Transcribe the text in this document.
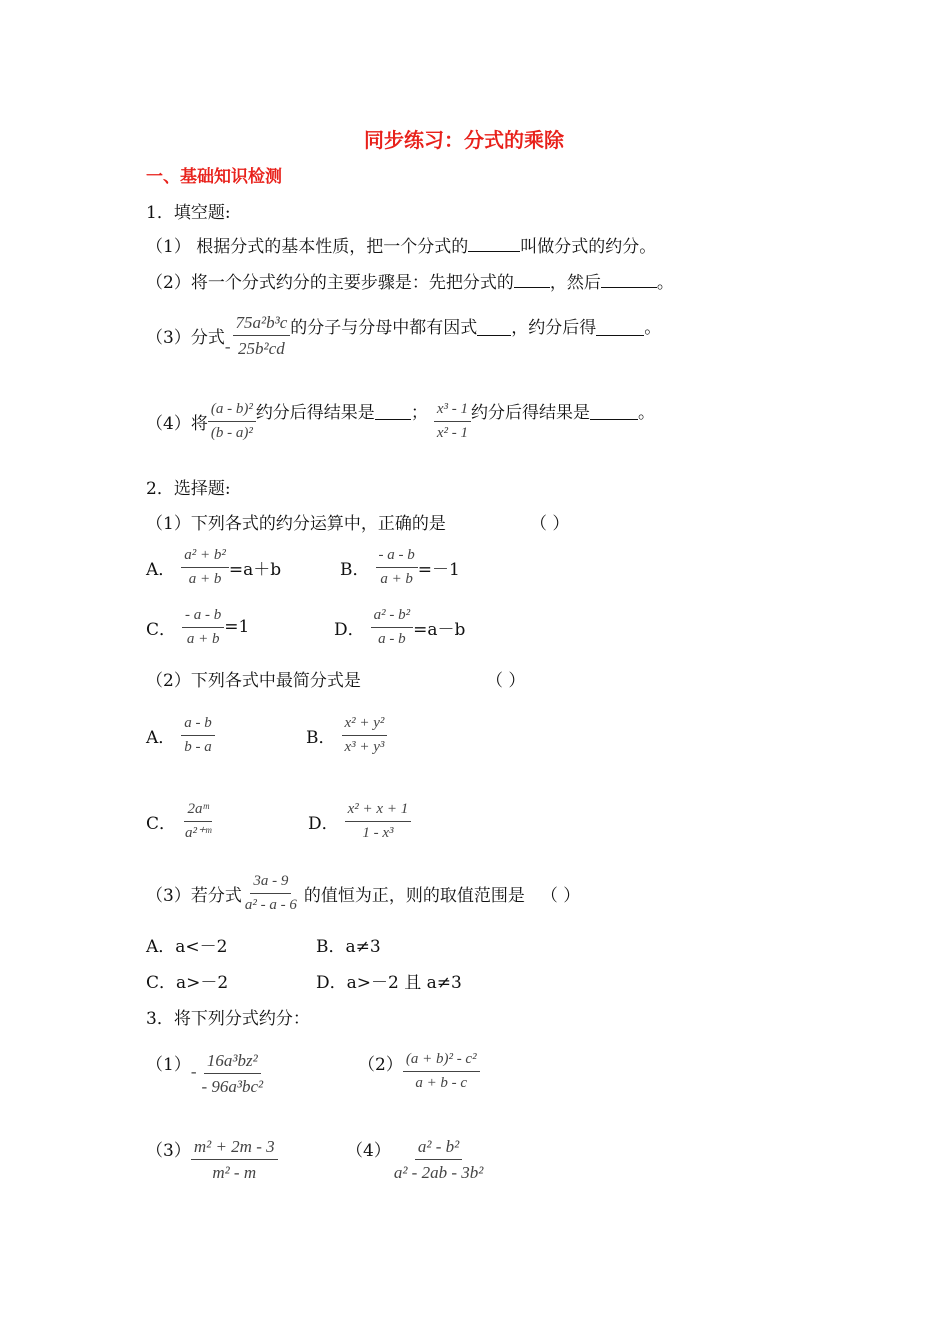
同步练习：分式的乘除
一、基础知识检测
1．填空题:
（1） 根据分式的基本性质，把一个分式的	叫做分式的约分。
（2）将一个分式约分的主要步骤是：先把分式的 ，然后	。
（3）分式 - $\frac{\text{75a²b³c}}{\text{25b²cd}}$ 的分子与分母中都有因式 ，约分后得	。
（4）将 $\frac{\text{(a - b)²}}{\text{(b - a)²}}$ 约分后得结果是 ； $\frac{\text{x³ - 1}}{\text{x² - 1}}$ 约分后得结果是	。
2．选择题:
（1）下列各式的约分运算中，正确的是	（ ）
A． $\frac{\text{a² + b²}}{a + b} =a+b$	B． $\frac{- a - b}{a + b} =-1$
C． $\frac{- a - b}{a + b} =1$	D． $\frac{\text{a² - b²}}{a - b} =a-b$
（2）下列各式中最简分式是	（ ）
A． $\frac{a - b}{b - a}$	B． $\frac{\text{x² + y²}}{\text{x³ + y³}}$
C． $\frac{\text{2aᵐ}}{\text{a²⁺ᵐ}}$	D． $\frac{\text{x² + x + 1}}{\text{1 - x³}}$
（3）若分式 $\frac{3a - 9}{\text{a² - a - 6}}$ 的值恒为正，则的取值范围是 （ ）
A．a<－2	B．a≠3
C．a>－2	D．a>－2 且 a≠3
3．将下列分式约分：
$(1) - \frac{\text{16a³bz²}}{\text{- 96a³bc²}}$	$(2) \frac{\text{(a + b)² - c²}}{a + b - c}$
$(3) \frac{\text{m² + 2m - 3}}{\text{m² - m}}$	$(4) \frac{\text{a² - b²}}{\text{a² - 2ab - 3b²}}$
